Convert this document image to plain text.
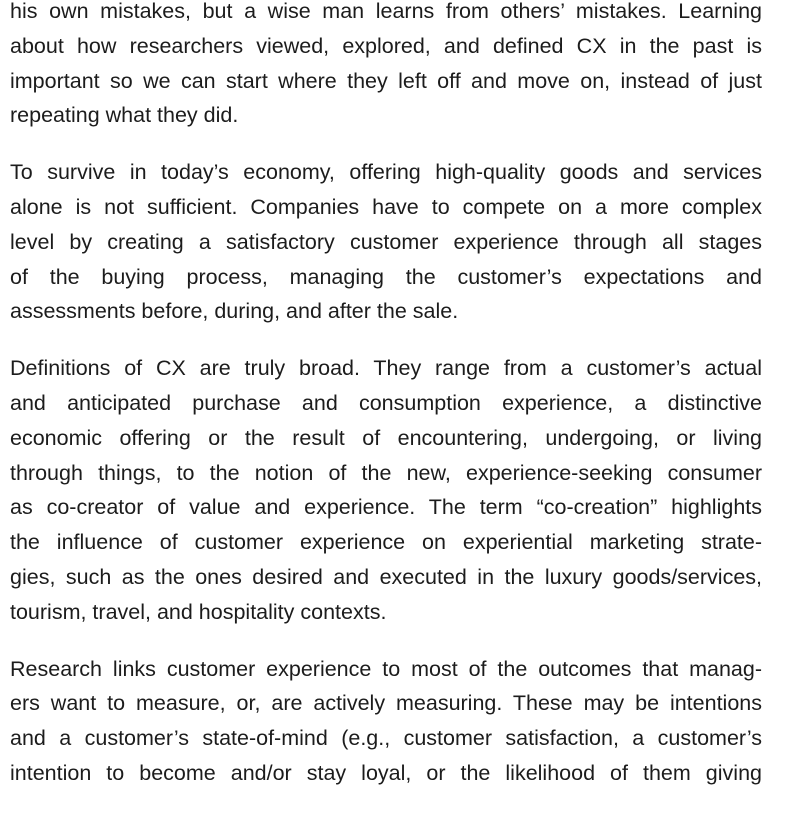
his own mistakes, but a wise man learns from others’ mistakes. Learning
about how researchers viewed, explored, and defined CX in the past is
important so we can start where they left off and move on, instead of just
repeating what they did.

To survive in today’s economy, offering high-quality goods and services
alone is not sufficient. Companies have to compete on a more complex
level by creating a satisfactory customer experience through all stages
of the buying process, managing the customer’s expectations and
assessments before, during, and after the sale.

Definitions of CX are truly broad. They range from a customer’s actual
and anticipated purchase and consumption experience, a distinctive
economic offering or the result of encountering, undergoing, or living
through things, to the notion of the new, experience-seeking consumer
as co-creator of value and experience. The term “co-creation” highlights
the influence of customer experience on experiential marketing strate-
gies, such as the ones desired and executed in the luxury goods/services,
tourism, travel, and hospitality contexts.

Research links customer experience to most of the outcomes that manag-
ers want to measure, or, are actively measuring. These may be intentions
and a customer’s state-of-mind (e.g., customer satisfaction, a customer’s
intention to become and/or stay loyal, or the likelihood of them giving
